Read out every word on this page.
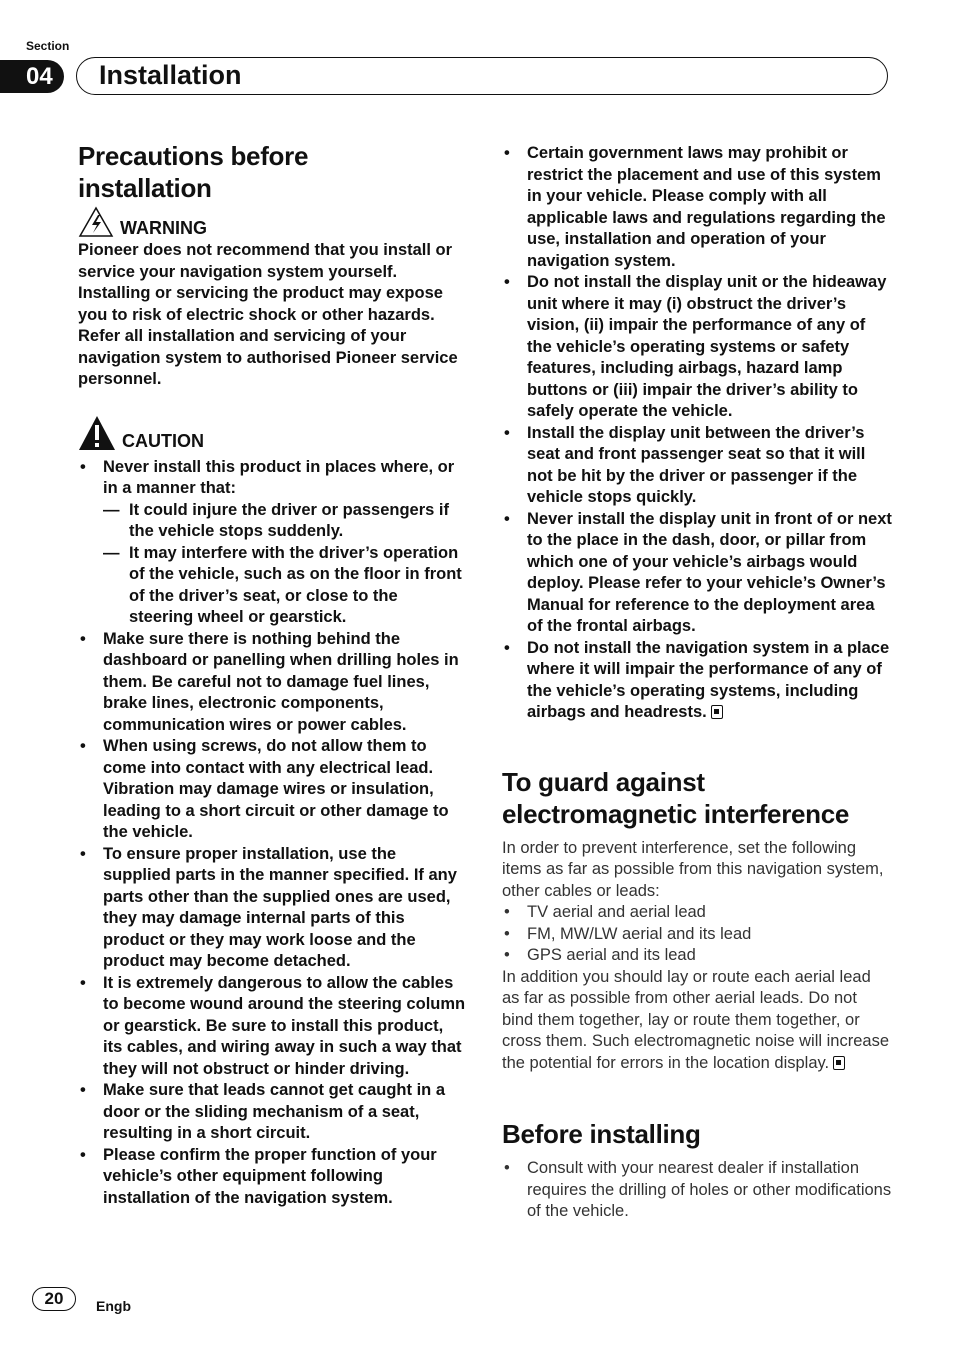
Section
04	Installation
Precautions before installation
WARNING

Pioneer does not recommend that you install or service your navigation system yourself. Installing or servicing the product may expose you to risk of electric shock or other hazards. Refer all installation and servicing of your navigation system to authorised Pioneer service personnel.

CAUTION
• Never install this product in places where, or in a manner that:
— It could injure the driver or passengers if the vehicle stops suddenly.
— It may interfere with the driver’s operation of the vehicle, such as on the floor in front of the driver’s seat, or close to the steering wheel or gearstick.
• Make sure there is nothing behind the dashboard or panelling when drilling holes in them. Be careful not to damage fuel lines, brake lines, electronic components, communication wires or power cables.
• When using screws, do not allow them to come into contact with any electrical lead. Vibration may damage wires or insulation, leading to a short circuit or other damage to the vehicle.
• To ensure proper installation, use the supplied parts in the manner specified. If any parts other than the supplied ones are used, they may damage internal parts of this product or they may work loose and the product may become detached.
• It is extremely dangerous to allow the cables to become wound around the steering column or gearstick. Be sure to install this product, its cables, and wiring away in such a way that they will not obstruct or hinder driving.
• Make sure that leads cannot get caught in a door or the sliding mechanism of a seat, resulting in a short circuit.
• Please confirm the proper function of your vehicle’s other equipment following installation of the navigation system.
• Certain government laws may prohibit or restrict the placement and use of this system in your vehicle. Please comply with all applicable laws and regulations regarding the use, installation and operation of your navigation system.
• Do not install the display unit or the hideaway unit where it may (i) obstruct the driver’s vision, (ii) impair the performance of any of the vehicle’s operating systems or safety features, including airbags, hazard lamp buttons or (iii) impair the driver’s ability to safely operate the vehicle.
• Install the display unit between the driver’s seat and front passenger seat so that it will not be hit by the driver or passenger if the vehicle stops quickly.
• Never install the display unit in front of or next to the place in the dash, door, or pillar from which one of your vehicle’s airbags would deploy. Please refer to your vehicle’s Owner’s Manual for reference to the deployment area of the frontal airbags.
• Do not install the navigation system in a place where it will impair the performance of any of the vehicle’s operating systems, including airbags and headrests.
To guard against electromagnetic interference

In order to prevent interference, set the following items as far as possible from this navigation system, other cables or leads:

• TV aerial and aerial lead
• FM, MW/LW aerial and its lead
• GPS aerial and its lead

In addition you should lay or route each aerial lead as far as possible from other aerial leads. Do not bind them together, lay or route them together, or cross them. Such electromagnetic noise will increase the potential for errors in the location display.

Before installing
• Consult with your nearest dealer if installation requires the drilling of holes or other modifications of the vehicle.
20	Engb
